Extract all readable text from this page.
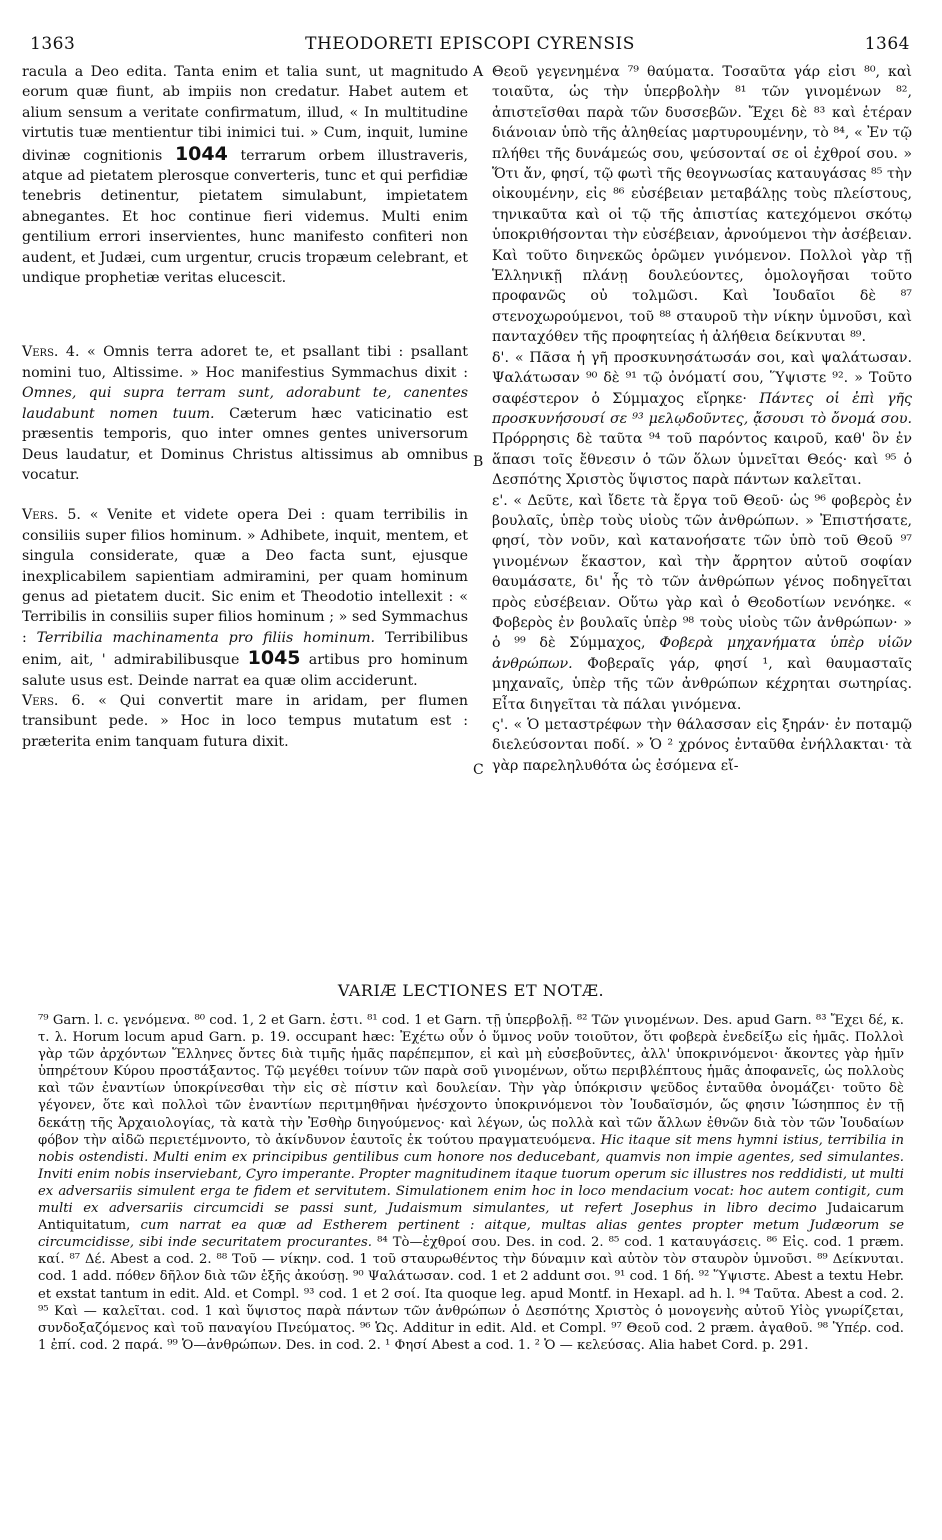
1363	THEODORETI EPISCOPI CYRENSIS	1364
A
B
C

racula a Deo edita. Tanta enim et talia sunt, ut magnitudo eorum quæ fiunt, ab impiis non credatur. Habet autem et alium sensum a veritate confirmatum, illud, « In multitudine virtutis tuæ mentientur tibi inimici tui. » Cum, inquit, lumine divinæ cognitionis 1044 terrarum orbem illustraveris, atque ad pietatem plerosque converteris, tunc et qui perfidiæ tenebris detinentur, pietatem simulabunt, impietatem abnegantes. Et hoc continue fieri videmus. Multi enim gentilium errori inservientes, hunc manifesto confiteri non audent, et Judæi, cum urgentur, crucis tropæum celebrant, et undique prophetiæ veritas elucescit.

Vers. 4. « Omnis terra adoret te, et psallant tibi : psallant nomini tuo, Altissime. » Hoc manifestius Symmachus dixit : Omnes, qui supra terram sunt, adorabunt te, canentes laudabunt nomen tuum. Cæterum hæc vaticinatio est præsentis temporis, quo inter omnes gentes universorum Deus laudatur, et Dominus Christus altissimus ab omnibus vocatur.

Vers. 5. « Venite et videte opera Dei : quam terribilis in consiliis super filios hominum. » Adhibete, inquit, mentem, et singula considerate, quæ a Deo facta sunt, ejusque inexplicabilem sapientiam admiramini, per quam hominum genus ad pietatem ducit. Sic enim et Theodotio intellexit : « Terribilis in consiliis super filios hominum ; » sed Symmachus : Terribilia machinamenta pro filiis hominum. Terribilibus enim, ait, ' admirabilibusque 1045 artibus pro hominum salute usus est. Deinde narrat ea quæ olim acciderunt.

Vers. 6. « Qui convertit mare in aridam, per flumen transibunt pede. » Hoc in loco tempus mutatum est : præterita enim tanquam futura dixit.

Θεοῦ γεγενημένα ⁷⁹ θαύματα. Τοσαῦτα γάρ εἰσι ⁸⁰, καὶ τοιαῦτα, ὡς τὴν ὑπερβολὴν ⁸¹ τῶν γινομένων ⁸², ἀπιστεῖσθαι παρὰ τῶν δυσσεβῶν. Ἔχει δὲ ⁸³ καὶ ἑτέραν διάνοιαν ὑπὸ τῆς ἀληθείας μαρτυρουμένην, τὸ ⁸⁴, « Ἐν τῷ πλήθει τῆς δυνάμεώς σου, ψεύσονταί σε οἱ ἐχθροί σου. » Ὅτι ἄν, φησί, τῷ φωτὶ τῆς θεογνωσίας καταυγάσας ⁸⁵ τὴν οἰκουμένην, εἰς ⁸⁶ εὐσέβειαν μεταβάλῃς τοὺς πλείστους, τηνικαῦτα καὶ οἱ τῷ τῆς ἀπιστίας κατεχόμενοι σκότῳ ὑποκριθήσονται τὴν εὐσέβειαν, ἀρνούμενοι τὴν ἀσέβειαν. Καὶ τοῦτο διηνεκῶς ὁρῶμεν γινόμενον. Πολλοὶ γὰρ τῇ Ἑλληνικῇ πλάνῃ δουλεύοντες, ὁμολογῆσαι τοῦτο προφανῶς οὐ τολμῶσι. Καὶ Ἰουδαῖοι δὲ ⁸⁷ στενοχωρούμενοι, τοῦ ⁸⁸ σταυροῦ τὴν νίκην ὑμνοῦσι, καὶ πανταχόθεν τῆς προφητείας ἡ ἀλήθεια δείκνυται ⁸⁹.

δ'. « Πᾶσα ἡ γῆ προσκυνησάτωσάν σοι, καὶ ψαλάτωσαν. Ψαλάτωσαν ⁹⁰ δὲ ⁹¹ τῷ ὀνόματί σου, Ὕψιστε ⁹². » Τοῦτο σαφέστερον ὁ Σύμμαχος εἴρηκε· Πάντες οἱ ἐπὶ γῆς προσκυνήσουσί σε ⁹³ μελῳδοῦντες, ᾄσουσι τὸ ὄνομά σου. Πρόρρησις δὲ ταῦτα ⁹⁴ τοῦ παρόντος καιροῦ, καθ' ὃν ἐν ἅπασι τοῖς ἔθνεσιν ὁ τῶν ὅλων ὑμνεῖται Θεός· καὶ ⁹⁵ ὁ Δεσπότης Χριστὸς ὕψιστος παρὰ πάντων καλεῖται.

ε'. « Δεῦτε, καὶ ἴδετε τὰ ἔργα τοῦ Θεοῦ· ὡς ⁹⁶ φοβερὸς ἐν βουλαῖς, ὑπὲρ τοὺς υἱοὺς τῶν ἀνθρώπων. » Ἐπιστήσατε, φησί, τὸν νοῦν, καὶ κατανοήσατε τῶν ὑπὸ τοῦ Θεοῦ ⁹⁷ γινομένων ἕκαστον, καὶ τὴν ἄρρητον αὐτοῦ σοφίαν θαυμάσατε, δι' ἧς τὸ τῶν ἀνθρώπων γένος ποδηγεῖται πρὸς εὐσέβειαν. Οὕτω γὰρ καὶ ὁ Θεοδοτίων νενόηκε. « Φοβερὸς ἐν βουλαῖς ὑπὲρ ⁹⁸ τοὺς υἱοὺς τῶν ἀνθρώπων· » ὁ ⁹⁹ δὲ Σύμμαχος, Φοβερὰ μηχανήματα ὑπὲρ υἱῶν ἀνθρώπων. Φοβεραῖς γάρ, φησί ¹, καὶ θαυμασταῖς μηχαναῖς, ὑπὲρ τῆς τῶν ἀνθρώπων κέχρηται σωτηρίας. Εἶτα διηγεῖται τὰ πάλαι γινόμενα.

ς'. « Ὁ μεταστρέφων τὴν θάλασσαν εἰς ξηράν· ἐν ποταμῷ διελεύσονται ποδί. » Ὁ ² χρόνος ἐνταῦθα ἐνήλλακται· τὰ γὰρ παρεληλυθότα ὡς ἐσόμενα εἴ-

VARIÆ LECTIONES ET NOTÆ.

⁷⁹ Garn. l. c. γενόμενα. ⁸⁰ cod. 1, 2 et Garn. ἐστι. ⁸¹ cod. 1 et Garn. τῇ ὑπερβολῇ. ⁸² Τῶν γινομένων. Des. apud Garn. ⁸³ Ἔχει δέ, κ. τ. λ. Horum locum apud Garn. p. 19. occupant hæc: Ἐχέτω οὖν ὁ ὕμνος νοῦν τοιοῦτον, ὅτι φοβερὰ ἐνεδείξω εἰς ἡμᾶς. Πολλοὶ γὰρ τῶν ἀρχόντων Ἕλληνες ὄντες διὰ τιμῆς ἡμᾶς παρέπεμπον, εἰ καὶ μὴ εὐσεβοῦντες, ἀλλ' ὑποκρινόμενοι· ἄκοντες γὰρ ἡμῖν ὑπηρέτουν Κύρου προστάξαντος. Τῷ μεγέθει τοίνυν τῶν παρὰ σοῦ γινομένων, οὕτω περιβλέπτους ἡμᾶς ἀποφανεῖς, ὡς πολλοὺς καὶ τῶν ἐναντίων ὑποκρίνεσθαι τὴν εἰς σὲ πίστιν καὶ δουλείαν. Τὴν γὰρ ὑπόκρισιν ψεῦδος ἐνταῦθα ὀνομάζει· τοῦτο δὲ γέγονεν, ὅτε καὶ πολλοὶ τῶν ἐναντίων περιτμηθῆναι ἠνέσχοντο ὑποκρινόμενοι τὸν Ἰουδαϊσμόν, ὥς φησιν Ἰώσηππος ἐν τῇ δεκάτῃ τῆς Ἀρχαιολογίας, τὰ κατὰ τὴν Ἐσθὴρ διηγούμενος· καὶ λέγων, ὡς πολλὰ καὶ τῶν ἄλλων ἐθνῶν διὰ τὸν τῶν Ἰουδαίων φόβον τὴν αἰδῶ περιετέμνοντο, τὸ ἀκίνδυνον ἑαυτοῖς ἐκ τούτου πραγματευόμενα. Hic itaque sit mens hymni istius, terribilia in nobis ostendisti. Multi enim ex principibus gentilibus cum honore nos deducebant, quamvis non impie agentes, sed simulantes. Inviti enim nobis inserviebant, Cyro imperante. Propter magnitudinem itaque tuorum operum sic illustres nos reddidisti, ut multi ex adversariis simulent erga te fidem et servitutem. Simulationem enim hoc in loco mendacium vocat: hoc autem contigit, cum multi ex adversariis circumcidi se passi sunt, Judaismum simulantes, ut refert Josephus in libro decimo Judaicarum Antiquitatum, cum narrat ea quæ ad Estherem pertinent : aitque, multas alias gentes propter metum Judæorum se circumcidisse, sibi inde securitatem procurantes. ⁸⁴ Τὸ—ἐχθροί σου. Des. in cod. 2. ⁸⁵ cod. 1 καταυγάσεις. ⁸⁶ Εἰς. cod. 1 præm. καί. ⁸⁷ Δέ. Abest a cod. 2. ⁸⁸ Τοῦ — νίκην. cod. 1 τοῦ σταυρωθέντος τὴν δύναμιν καὶ αὐτὸν τὸν σταυρὸν ὑμνοῦσι. ⁸⁹ Δείκνυται. cod. 1 add. πόθεν δῆλον διὰ τῶν ἑξῆς ἀκούσῃ. ⁹⁰ Ψαλάτωσαν. cod. 1 et 2 addunt σοι. ⁹¹ cod. 1 δή. ⁹² Ὕψιστε. Abest a textu Hebr. et exstat tantum in edit. Ald. et Compl. ⁹³ cod. 1 et 2 σοί. Ita quoque leg. apud Montf. in Hexapl. ad h. l. ⁹⁴ Ταῦτα. Abest a cod. 2. ⁹⁵ Καὶ — καλεῖται. cod. 1 καὶ ὕψιστος παρὰ πάντων τῶν ἀνθρώπων ὁ Δεσπότης Χριστὸς ὁ μονογενὴς αὐτοῦ Υἱὸς γνωρίζεται, συνδοξαζόμενος καὶ τοῦ παναγίου Πνεύματος. ⁹⁶ Ὡς. Additur in edit. Ald. et Compl. ⁹⁷ Θεοῦ cod. 2 præm. ἀγαθοῦ. ⁹⁸ Ὑπέρ. cod. 1 ἐπί. cod. 2 παρά. ⁹⁹ Ὁ—ἀνθρώπων. Des. in cod. 2. ¹ Φησί Abest a cod. 1. ² Ὁ — κελεύσας. Alia habet Cord. p. 291.
